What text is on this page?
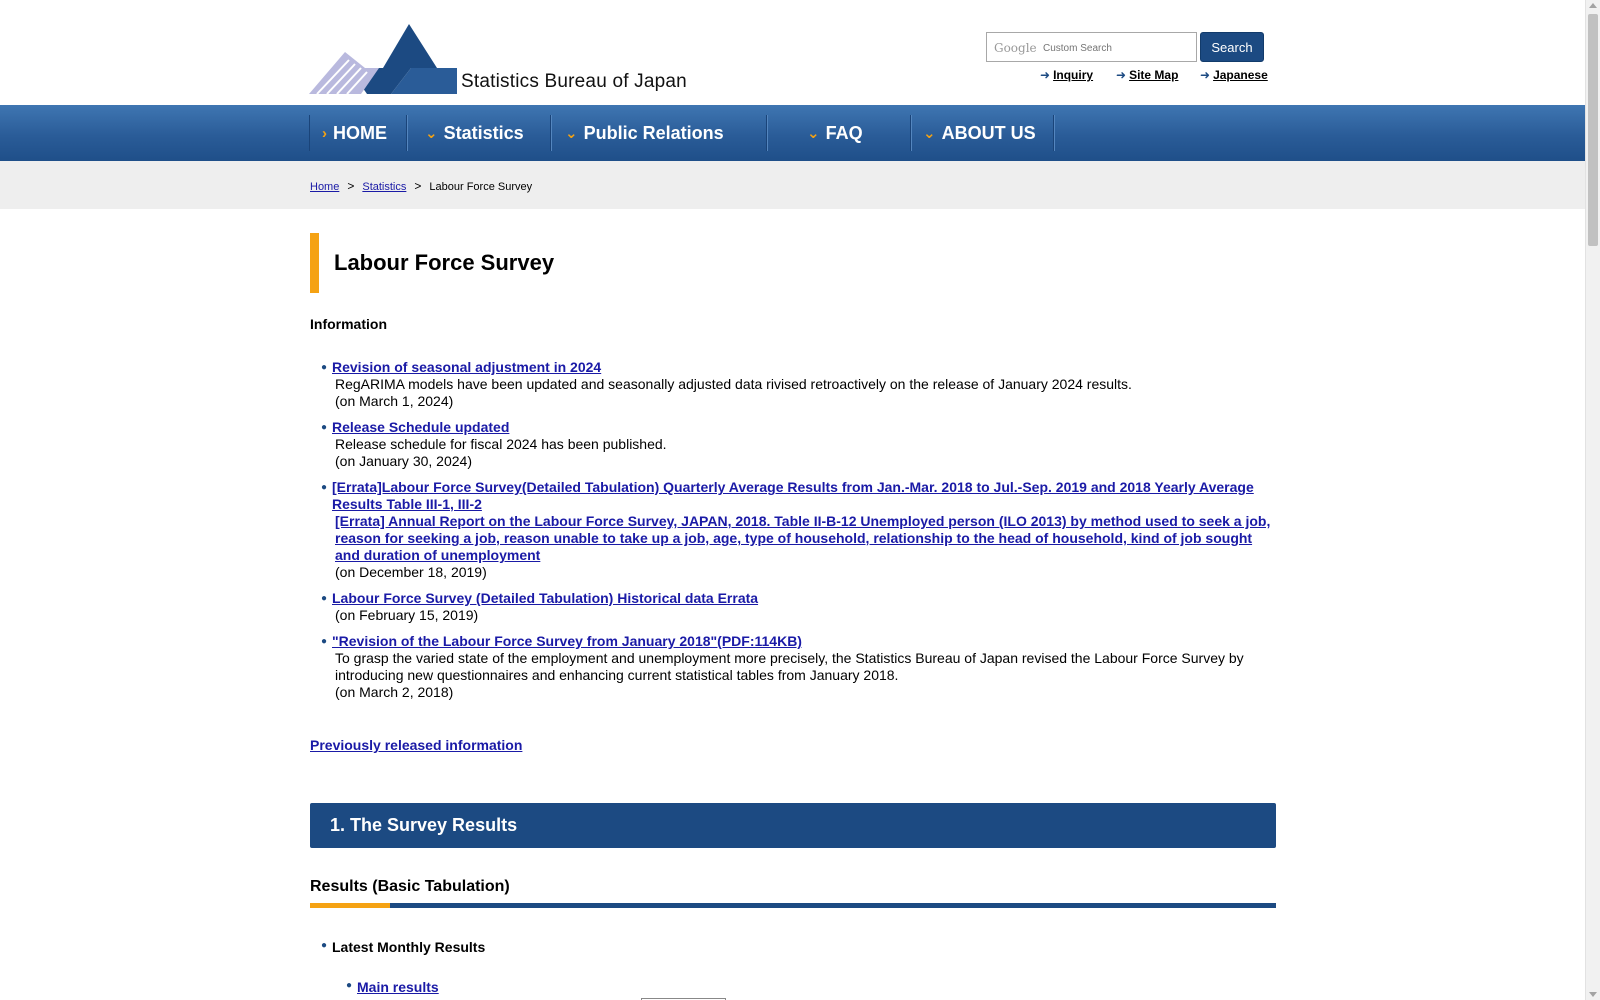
Statistics Bureau of Japan
Google
Custom Search	Search
➜ Inquiry ➜ Site Map ➜ Japanese
› HOME	⌄ Statistics	⌄ Public Relations	⌄ FAQ	⌄ ABOUT US
Home > Statistics > Labour Force Survey
Labour Force Survey
Information
● Revision of seasonal adjustment in 2024
RegARIMA models have been updated and seasonally adjusted data rivised retroactively on the release of January 2024 results.
(on March 1, 2024)
● Release Schedule updated
Release schedule for fiscal 2024 has been published.
(on January 30, 2024)
● [Errata]Labour Force Survey(Detailed Tabulation) Quarterly Average Results from Jan.-Mar. 2018 to Jul.-Sep. 2019 and 2018 Yearly Average Results Table III-1, III-2
[Errata] Annual Report on the Labour Force Survey, JAPAN, 2018. Table II-B-12 Unemployed person (ILO 2013) by method used to seek a job, reason for seeking a job, reason unable to take up a job, age, type of household, relationship to the head of household, kind of job sought and duration of unemployment
(on December 18, 2019)
● Labour Force Survey (Detailed Tabulation) Historical data Errata
(on February 15, 2019)
● "Revision of the Labour Force Survey from January 2018"(PDF:114KB)
To grasp the varied state of the employment and unemployment more precisely, the Statistics Bureau of Japan revised the Labour Force Survey by introducing new questionnaires and enhancing current statistical tables from January 2018.
(on March 2, 2018)
Previously released information
1. The Survey Results
Results (Basic Tabulation)
● Latest Monthly Results
● Main results
